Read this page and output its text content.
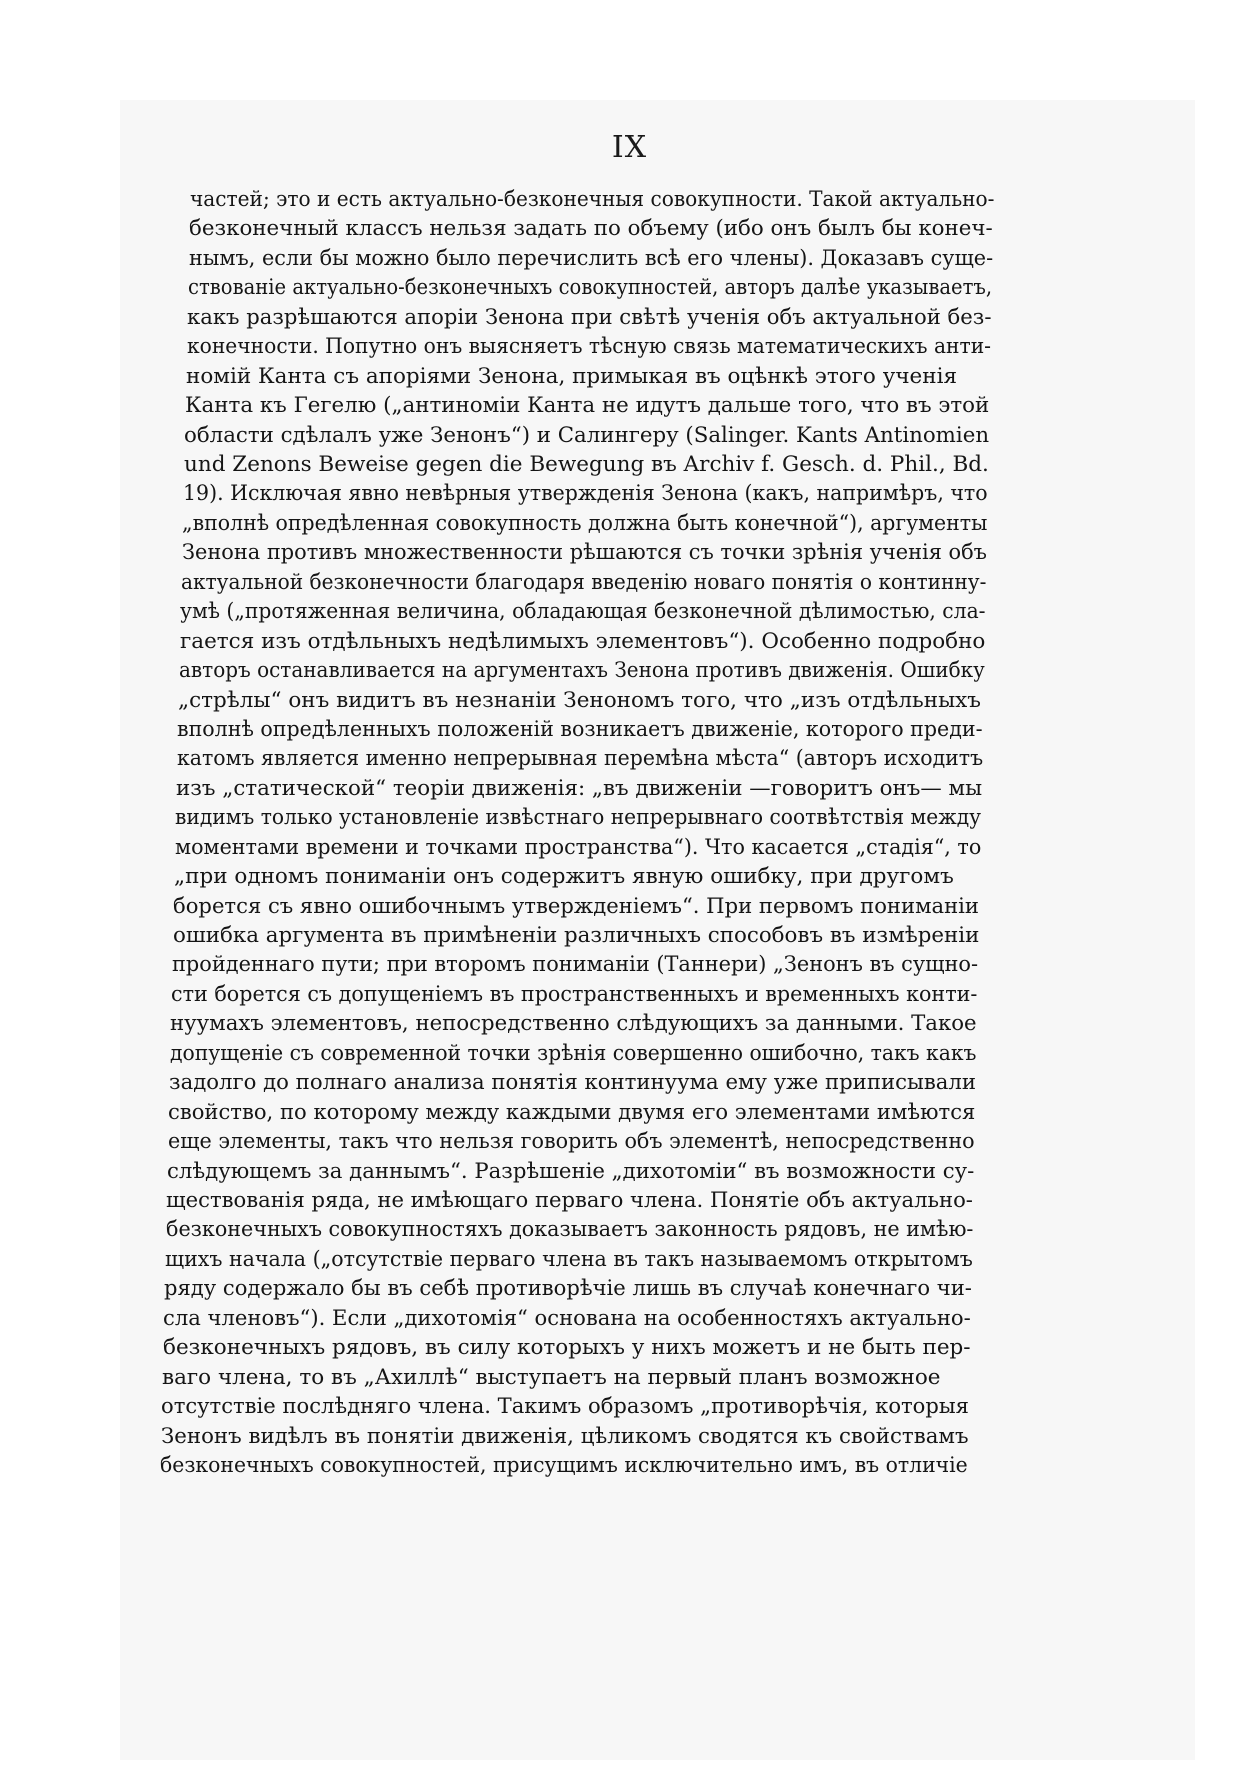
IX
частей; это и есть актуально-безконечныя совокупности. Такой актуально-
безконечный классъ нельзя задать по объему (ибо онъ былъ бы конеч-
нымъ, если бы можно было перечислить всѣ его члены). Доказавъ суще-
ствованіе актуально-безконечныхъ совокупностей, авторъ далѣе указываетъ,
какъ разрѣшаются апоріи Зенона при свѣтѣ ученія объ актуальной без-
конечности. Попутно онъ выясняетъ тѣсную связь математическихъ анти-
номій Канта съ апоріями Зенона, примыкая въ оцѣнкѣ этого ученія
Канта къ Гегелю („антиноміи Канта не идутъ дальше того, что въ этой
области сдѣлалъ уже Зенонъ“) и Салингеру (Salinger. Kants Antinomien
und Zenons Beweise gegen die Bewegung въ Archiv f. Gesch. d. Phil., Bd.
19). Исключая явно невѣрныя утвержденія Зенона (какъ, напримѣръ, что
„вполнѣ опредѣленная совокупность должна быть конечной“), аргументы
Зенона противъ множественности рѣшаются съ точки зрѣнія ученія объ
актуальной безконечности благодаря введенію новаго понятія о континну-
умѣ („протяженная величина, обладающая безконечной дѣлимостью, сла-
гается изъ отдѣльныхъ недѣлимыхъ элементовъ“). Особенно подробно
авторъ останавливается на аргументахъ Зенона противъ движенія. Ошибку
„стрѣлы“ онъ видитъ въ незнаніи Зенономъ того, что „изъ отдѣльныхъ
вполнѣ опредѣленныхъ положеній возникаетъ движеніе, которого преди-
катомъ является именно непрерывная перемѣна мѣста“ (авторъ исходитъ
изъ „статической“ теоріи движенія: „въ движеніи —говоритъ онъ— мы
видимъ только установленіе извѣстнаго непрерывнаго соотвѣтствія между
моментами времени и точками пространства“). Что касается „стадія“, то
„при одномъ пониманіи онъ содержитъ явную ошибку, при другомъ
борется съ явно ошибочнымъ утвержденіемъ“. При первомъ пониманіи
ошибка аргумента въ примѣненіи различныхъ способовъ въ измѣреніи
пройденнаго пути; при второмъ пониманіи (Таннери) „Зенонъ въ сущно-
сти борется съ допущеніемъ въ пространственныхъ и временныхъ конти-
нуумахъ элементовъ, непосредственно слѣдующихъ за данными. Такое
допущеніе съ современной точки зрѣнія совершенно ошибочно, такъ какъ
задолго до полнаго анализа понятія континуума ему уже приписывали
свойство, по которому между каждыми двумя его элементами имѣются
еще элементы, такъ что нельзя говорить объ элементѣ, непосредственно
слѣдующемъ за даннымъ“. Разрѣшеніе „дихотоміи“ въ возможности су-
ществованія ряда, не имѣющаго перваго члена. Понятіе объ актуально-
безконечныхъ совокупностяхъ доказываетъ законность рядовъ, не имѣю-
щихъ начала („отсутствіе перваго члена въ такъ называемомъ открытомъ
ряду содержало бы въ себѣ противорѣчіе лишь въ случаѣ конечнаго чи-
сла членовъ“). Если „дихотомія“ основана на особенностяхъ актуально-
безконечныхъ рядовъ, въ силу которыхъ у нихъ можетъ и не быть пер-
ваго члена, то въ „Ахиллѣ“ выступаетъ на первый планъ возможное
отсутствіе послѣдняго члена. Такимъ образомъ „противорѣчія, которыя
Зенонъ видѣлъ въ понятіи движенія, цѣликомъ сводятся къ свойствамъ
безконечныхъ совокупностей, присущимъ исключительно имъ, въ отличіе
